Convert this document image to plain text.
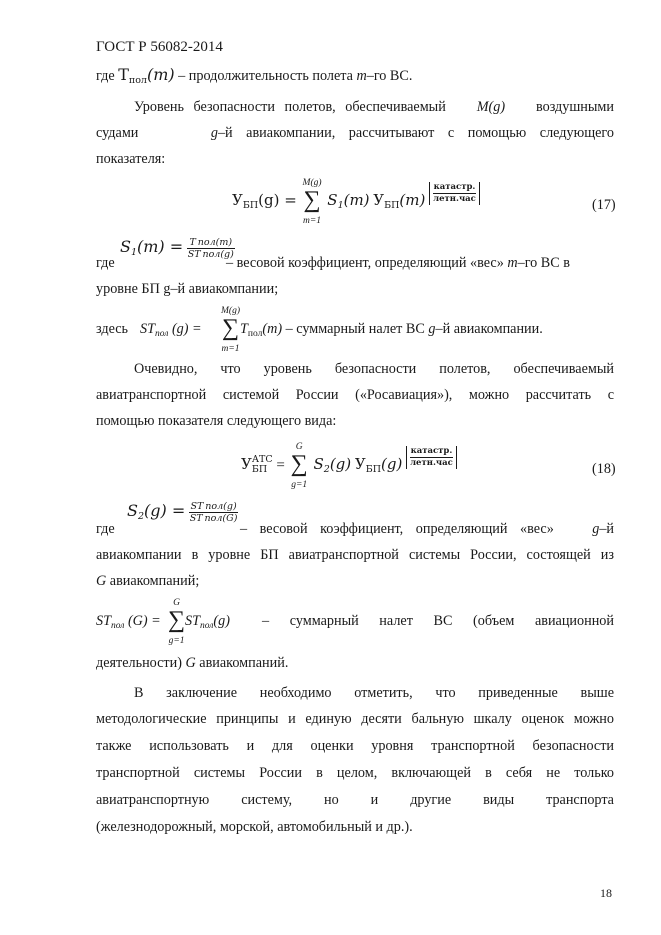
ГОСТ Р 56082-2014
где $T_{пол}(m)$ – продолжительность полета m–го ВС.
Уровень безопасности полетов, обеспечиваемый M(g) воздушными
судами	g–й авиакомпании, рассчитывают с помощью следующего
показателя:
$У_{БП}(g)$ =
M(g)
∑
m=1
$S_1(m)$ $У_{БП}(m)$
катастр.
летн.час	(17)
$S_1(m) = \frac{\text{T пол(m)}}{\text{ST пол(g)}}$
где	– весовой коэффициент, определяющий «вес» m–го ВС в
уровне БП g–й авиакомпании;
здесь $ST_{пол}$ (g) =
M(g)
∑
m=1
$T_{пол}(m)$ – суммарный налет ВС g–й авиакомпании.
Очевидно, что уровень безопасности полетов, обеспечиваемый
авиатранспортной системой России («Росавиация»), можно рассчитать с
помощью показателя следующего вида:
У АТС
БП =
G
∑
g=1
$S_2(g)$ $У_{БП}(g)$
катастр.
летн.час	(18)
$S_2(g) = \frac{\text{ST пол(g)}}{\text{ST пол(G)}}$
где	– весовой коэффициент, определяющий «вес»	g–й
авиакомпании в уровне БП авиатранспортной системы России, состоящей из
G авиакомпаний;
$ST_{пол}$ (G) =
G
∑
g=1
$ST_{пол}(g)$ – суммарный налет ВС (объем авиационной
деятельности) G авиакомпаний.
В заключение необходимо отметить, что приведенные выше
методологические принципы и единую десяти бальную шкалу оценок можно
также использовать и для оценки уровня транспортной безопасности
транспортной системы России в целом, включающей в себя не только
авиатранспортную систему, но и другие виды транспорта
(железнодорожный, морской, автомобильный и др.).
18
